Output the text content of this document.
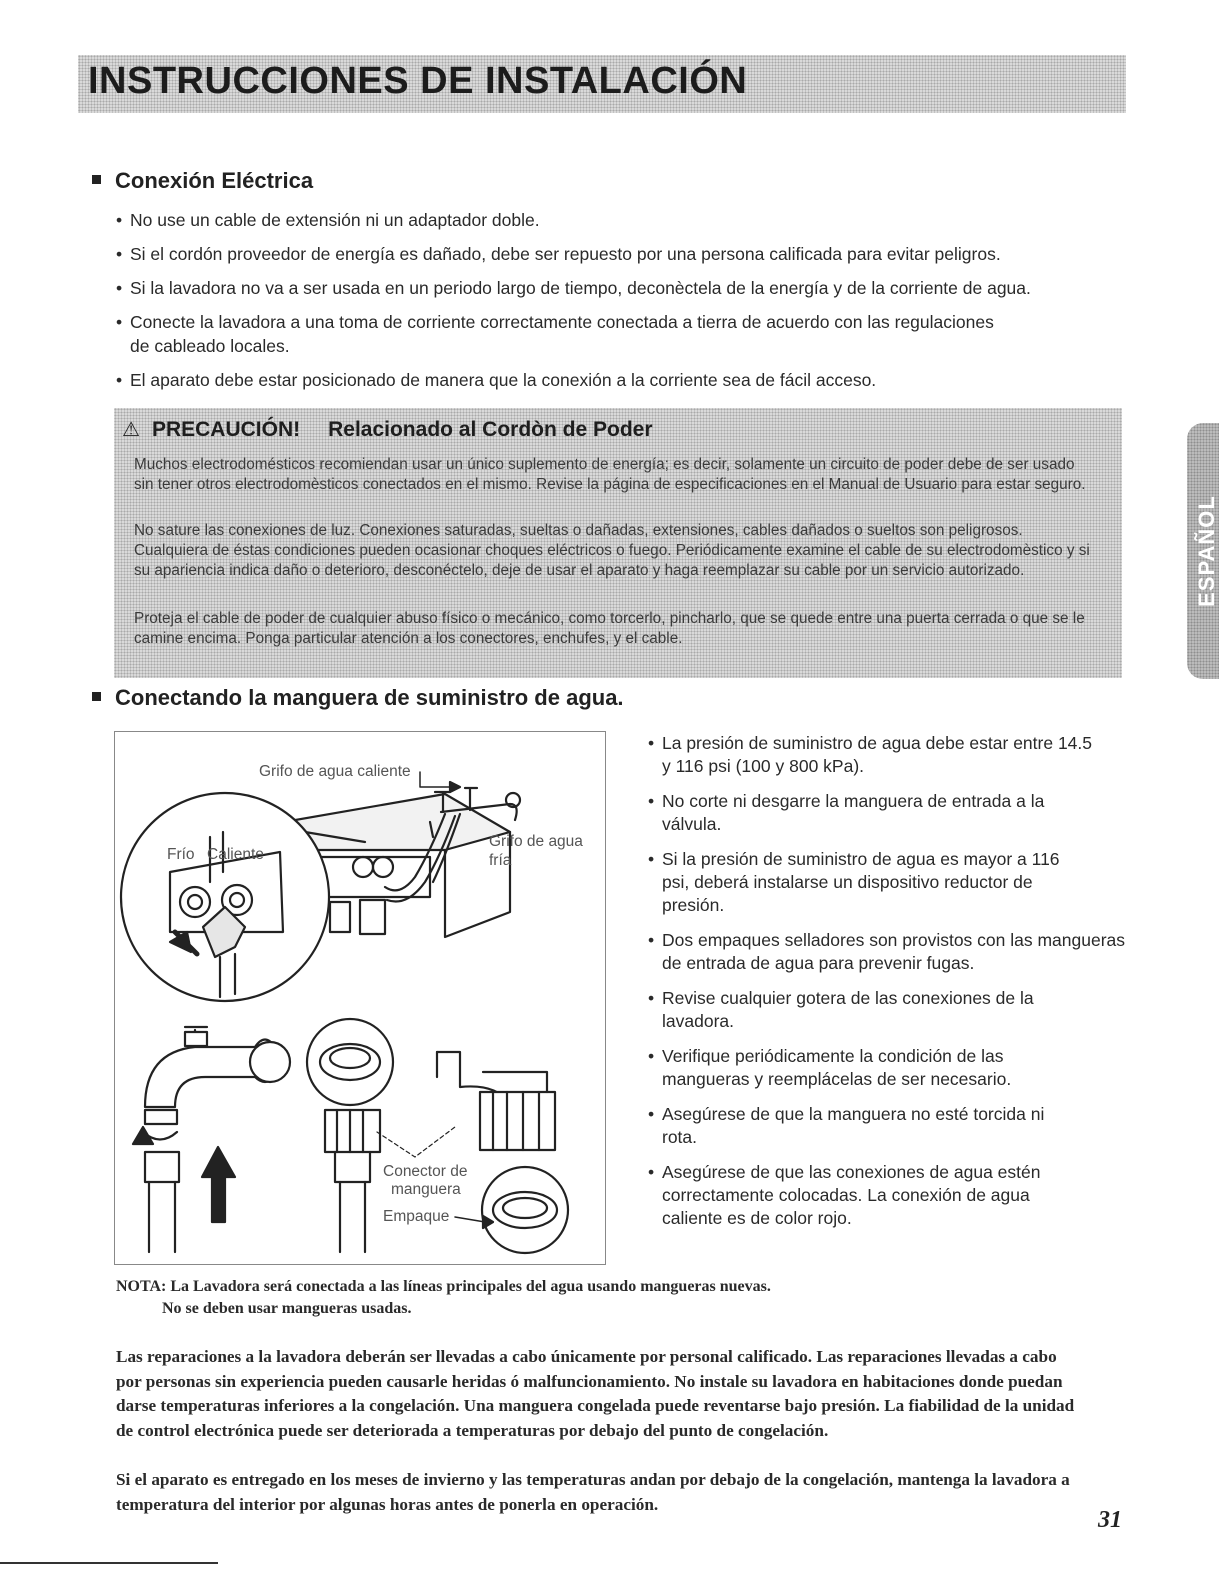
INSTRUCCIONES DE INSTALACIÓN
Conexión Eléctrica
• No use un cable de extensión ni un adaptador doble.
• Si el cordón proveedor de energía es dañado, debe ser repuesto por una persona calificada para evitar peligros.
• Si la lavadora no va a ser usada en un periodo largo de tiempo, deconèctela de la energía y de la corriente de agua.
• Conecte la lavadora a una toma de corriente correctamente conectada a tierra de acuerdo con las regulaciones de cableado locales.
• El aparato debe estar posicionado de manera que la conexión a la corriente sea de fácil acceso.
⚠ PRECAUCIÓN! Relacionado al Cordòn de Poder

Muchos electrodomésticos recomiendan usar un único suplemento de energía; es decir, solamente un circuito de poder debe de ser usado sin tener otros electrodomèsticos conectados en el mismo. Revise la página de especificaciones en el Manual de Usuario para estar seguro.

No sature las conexiones de luz. Conexiones saturadas, sueltas o dañadas, extensiones, cables dañados o sueltos son peligrosos. Cualquiera de éstas condiciones pueden ocasionar choques eléctricos o fuego. Periódicamente examine el cable de su electrodomèstico y si su apariencia indica daño o deterioro, desconéctelo, deje de usar el aparato y haga reemplazar su cable por un servicio autorizado.

Proteja el cable de poder de cualquier abuso físico o mecánico, como torcerlo, pincharlo, que se quede entre una puerta cerrada o que se le camine encima. Ponga particular atención a los conectores, enchufes, y el cable.

ESPAÑOL
Conectando la manguera de suministro de agua.

Grifo de agua caliente

Grifo de agua

fría

Frío Caliente

Conector de

manguera

Empaque

• La presión de suministro de agua debe estar entre 14.5 y 116 psi (100 y 800 kPa).
• No corte ni desgarre la manguera de entrada a la válvula.
• Si la presión de suministro de agua es mayor a 116 psi, deberá instalarse un dispositivo reductor de presión.
• Dos empaques selladores son provistos con las mangueras de entrada de agua para prevenir fugas.
• Revise cualquier gotera de las conexiones de la lavadora.
• Verifique periódicamente la condición de las mangueras y reemplácelas de ser necesario.
• Asegúrese de que la manguera no esté torcida ni rota.
• Asegúrese de que las conexiones de agua estén correctamente colocadas. La conexión de agua caliente es de color rojo.

NOTA: La Lavadora será conectada a las líneas principales del agua usando mangueras nuevas.

No se deben usar mangueras usadas.

Las reparaciones a la lavadora deberán ser llevadas a cabo únicamente por personal calificado. Las reparaciones llevadas a cabo por personas sin experiencia pueden causarle heridas ó malfuncionamiento. No instale su lavadora en habitaciones donde puedan darse temperaturas inferiores a la congelación. Una manguera congelada puede reventarse bajo presión. La fiabilidad de la unidad de control electrónica puede ser deteriorada a temperaturas por debajo del punto de congelación.

Si el aparato es entregado en los meses de invierno y las temperaturas andan por debajo de la congelación, mantenga la lavadora a temperatura del interior por algunas horas antes de ponerla en operación.

31
